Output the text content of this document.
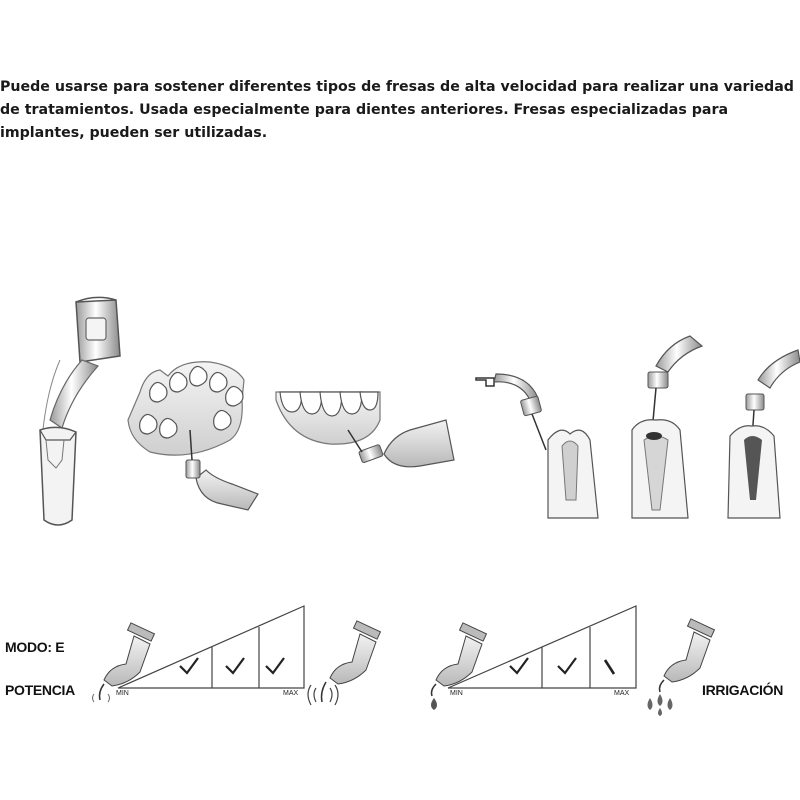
Puede usarse para sostener diferentes tipos de fresas de alta velocidad para realizar una variedad de tratamientos. Usada especialmente para dientes anteriores. Fresas especializadas para implantes, pueden ser utilizadas.

MODO: E
POTENCIA	IRRIGACIÓN
MIN	MAX	MIN	MAX
